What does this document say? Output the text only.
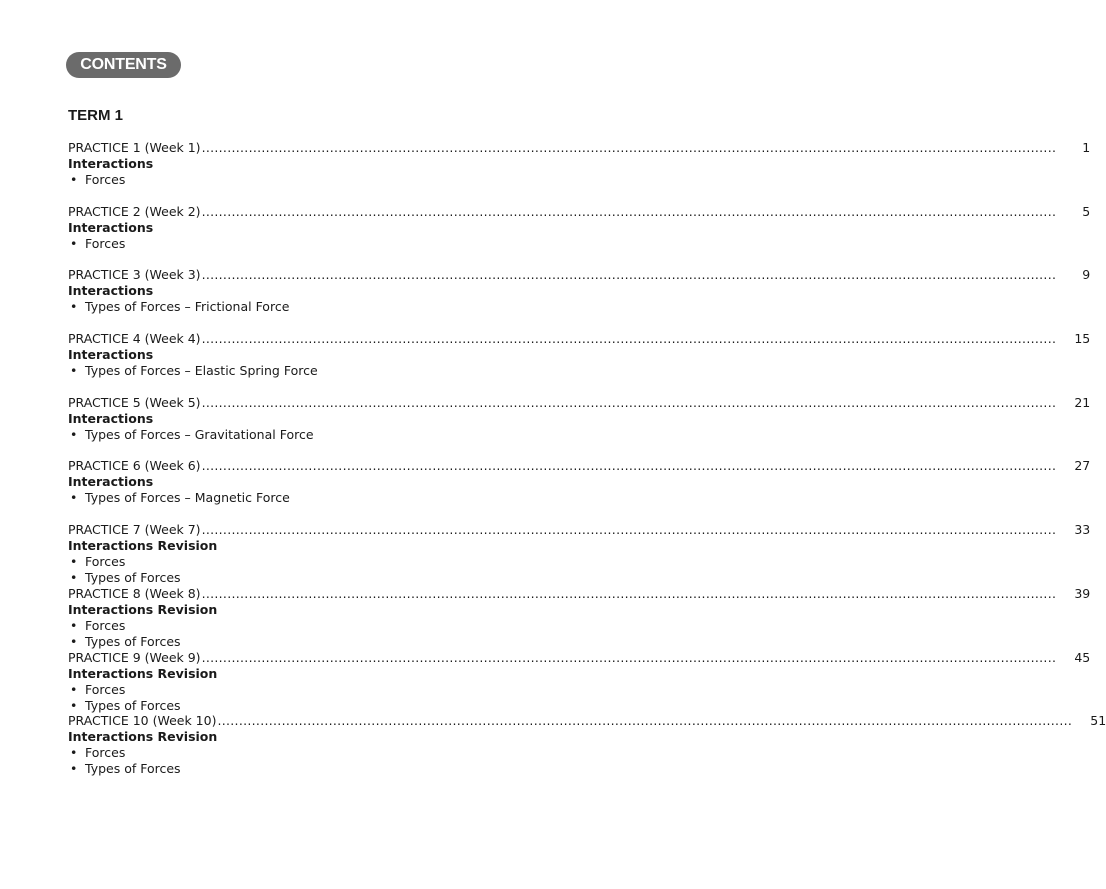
CONTENTS
TERM 1
PRACTICE 1 (Week 1) ........................................................................................................................................................................................................	1
Interactions
• Forces
PRACTICE 2 (Week 2) ........................................................................................................................................................................................................	5
Interactions
• Forces
PRACTICE 3 (Week 3) ........................................................................................................................................................................................................	9
Interactions
• Types of Forces – Frictional Force
PRACTICE 4 (Week 4) ........................................................................................................................................................................................................	15
Interactions
• Types of Forces – Elastic Spring Force
PRACTICE 5 (Week 5) ........................................................................................................................................................................................................	21
Interactions
• Types of Forces – Gravitational Force
PRACTICE 6 (Week 6) ........................................................................................................................................................................................................	27
Interactions
• Types of Forces – Magnetic Force
PRACTICE 7 (Week 7) ........................................................................................................................................................................................................	33
Interactions Revision
• Forces
• Types of Forces
PRACTICE 8 (Week 8) ........................................................................................................................................................................................................	39
Interactions Revision
• Forces
• Types of Forces
PRACTICE 9 (Week 9) ........................................................................................................................................................................................................	45
Interactions Revision
• Forces
• Types of Forces
PRACTICE 10 (Week 10) ........................................................................................................................................................................................................	51
Interactions Revision
• Forces
• Types of Forces
